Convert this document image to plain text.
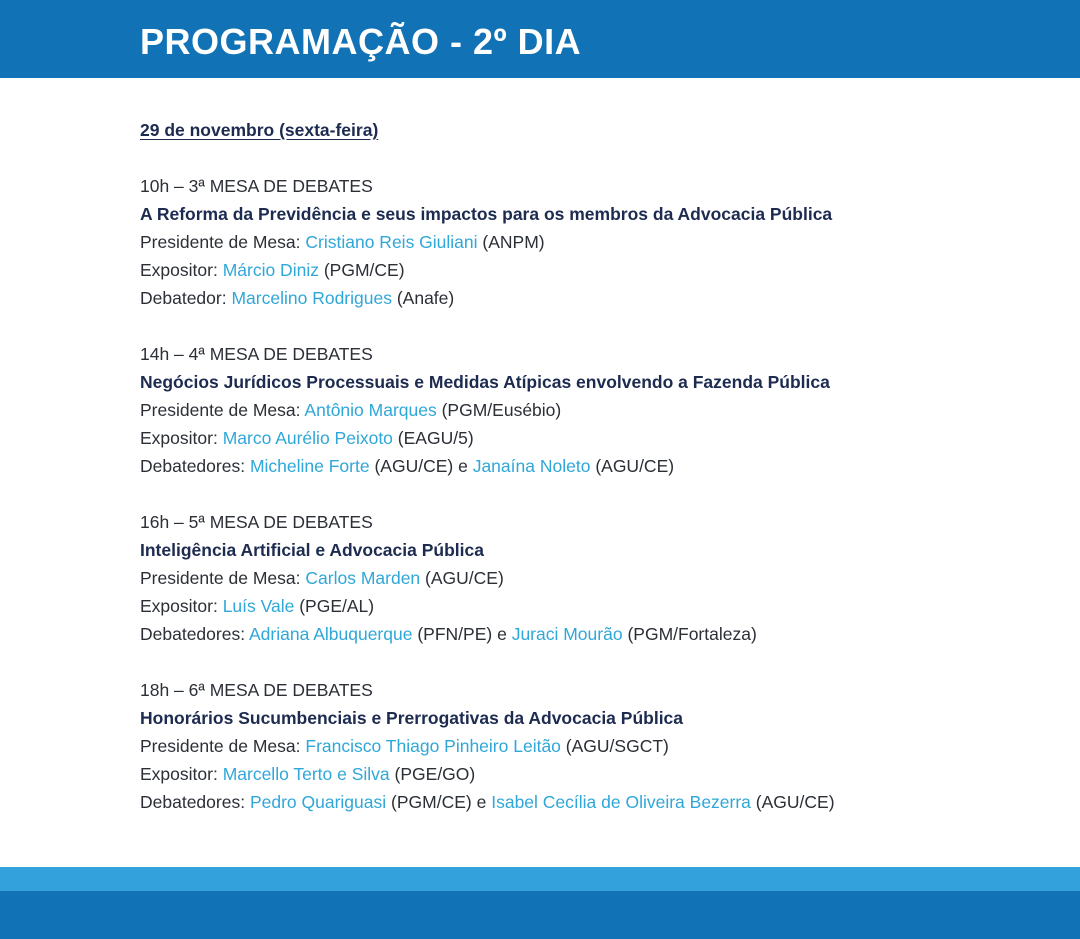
PROGRAMAÇÃO - 2º DIA
29 de novembro (sexta-feira)
10h – 3ª MESA DE DEBATES
A Reforma da Previdência e seus impactos para os membros da Advocacia Pública
Presidente de Mesa: Cristiano Reis Giuliani (ANPM)
Expositor: Márcio Diniz (PGM/CE)
Debatedor: Marcelino Rodrigues (Anafe)
14h – 4ª MESA DE DEBATES
Negócios Jurídicos Processuais e Medidas Atípicas envolvendo a Fazenda Pública
Presidente de Mesa: Antônio Marques (PGM/Eusébio)
Expositor: Marco Aurélio Peixoto (EAGU/5)
Debatedores: Micheline Forte (AGU/CE) e Janaína Noleto (AGU/CE)
16h – 5ª MESA DE DEBATES
Inteligência Artificial e Advocacia Pública
Presidente de Mesa: Carlos Marden (AGU/CE)
Expositor: Luís Vale (PGE/AL)
Debatedores: Adriana Albuquerque (PFN/PE) e Juraci Mourão (PGM/Fortaleza)
18h – 6ª MESA DE DEBATES
Honorários Sucumbenciais e Prerrogativas da Advocacia Pública
Presidente de Mesa: Francisco Thiago Pinheiro Leitão (AGU/SGCT)
Expositor: Marcello Terto e Silva (PGE/GO)
Debatedores: Pedro Quariguasi (PGM/CE) e Isabel Cecília de Oliveira Bezerra (AGU/CE)
